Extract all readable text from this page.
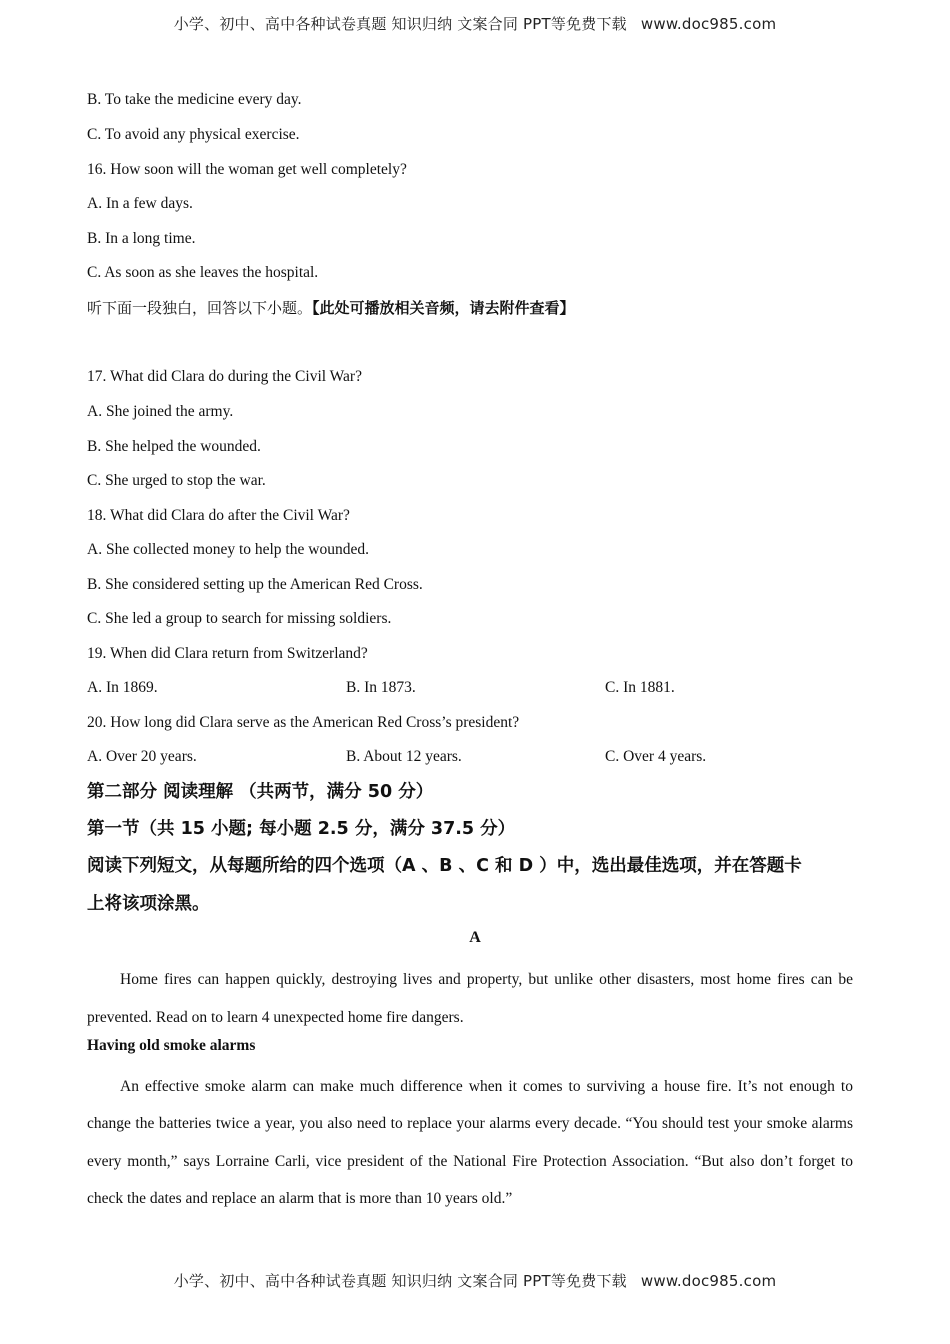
小学、初中、高中各种试卷真题 知识归纳 文案合同 PPT等免费下载 www.doc985.com
B. To take the medicine every day.
C. To avoid any physical exercise.
16. How soon will the woman get well completely?
A. In a few days.
B. In a long time.
C. As soon as she leaves the hospital.
听下面一段独白，回答以下小题。【此处可播放相关音频，请去附件查看】
17. What did Clara do during the Civil War?
A. She joined the army.
B. She helped the wounded.
C. She urged to stop the war.
18. What did Clara do after the Civil War?
A. She collected money to help the wounded.
B. She considered setting up the American Red Cross.
C. She led a group to search for missing soldiers.
19. When did Clara return from Switzerland?
A. In 1869.	B. In 1873.	C. In 1881.
20. How long did Clara serve as the American Red Cross’s president?
A. Over 20 years.	B. About 12 years.	C. Over 4 years.
第二部分 阅读理解 （共两节，满分 50 分）
第一节（共 15 小题; 每小题 2.5 分，满分 37.5 分）
阅读下列短文，从每题所给的四个选项（A 、B 、C 和 D ）中，选出最佳选项，并在答题卡
上将该项涂黑。
A
Home fires can happen quickly, destroying lives and property, but unlike other disasters, most home fires can be prevented. Read on to learn 4 unexpected home fire dangers.
Having old smoke alarms
An effective smoke alarm can make much difference when it comes to surviving a house fire. It’s not enough to change the batteries twice a year, you also need to replace your alarms every decade. “You should test your smoke alarms every month,” says Lorraine Carli, vice president of the National Fire Protection Association. “But also don’t forget to check the dates and replace an alarm that is more than 10 years old.”
小学、初中、高中各种试卷真题 知识归纳 文案合同 PPT等免费下载 www.doc985.com
